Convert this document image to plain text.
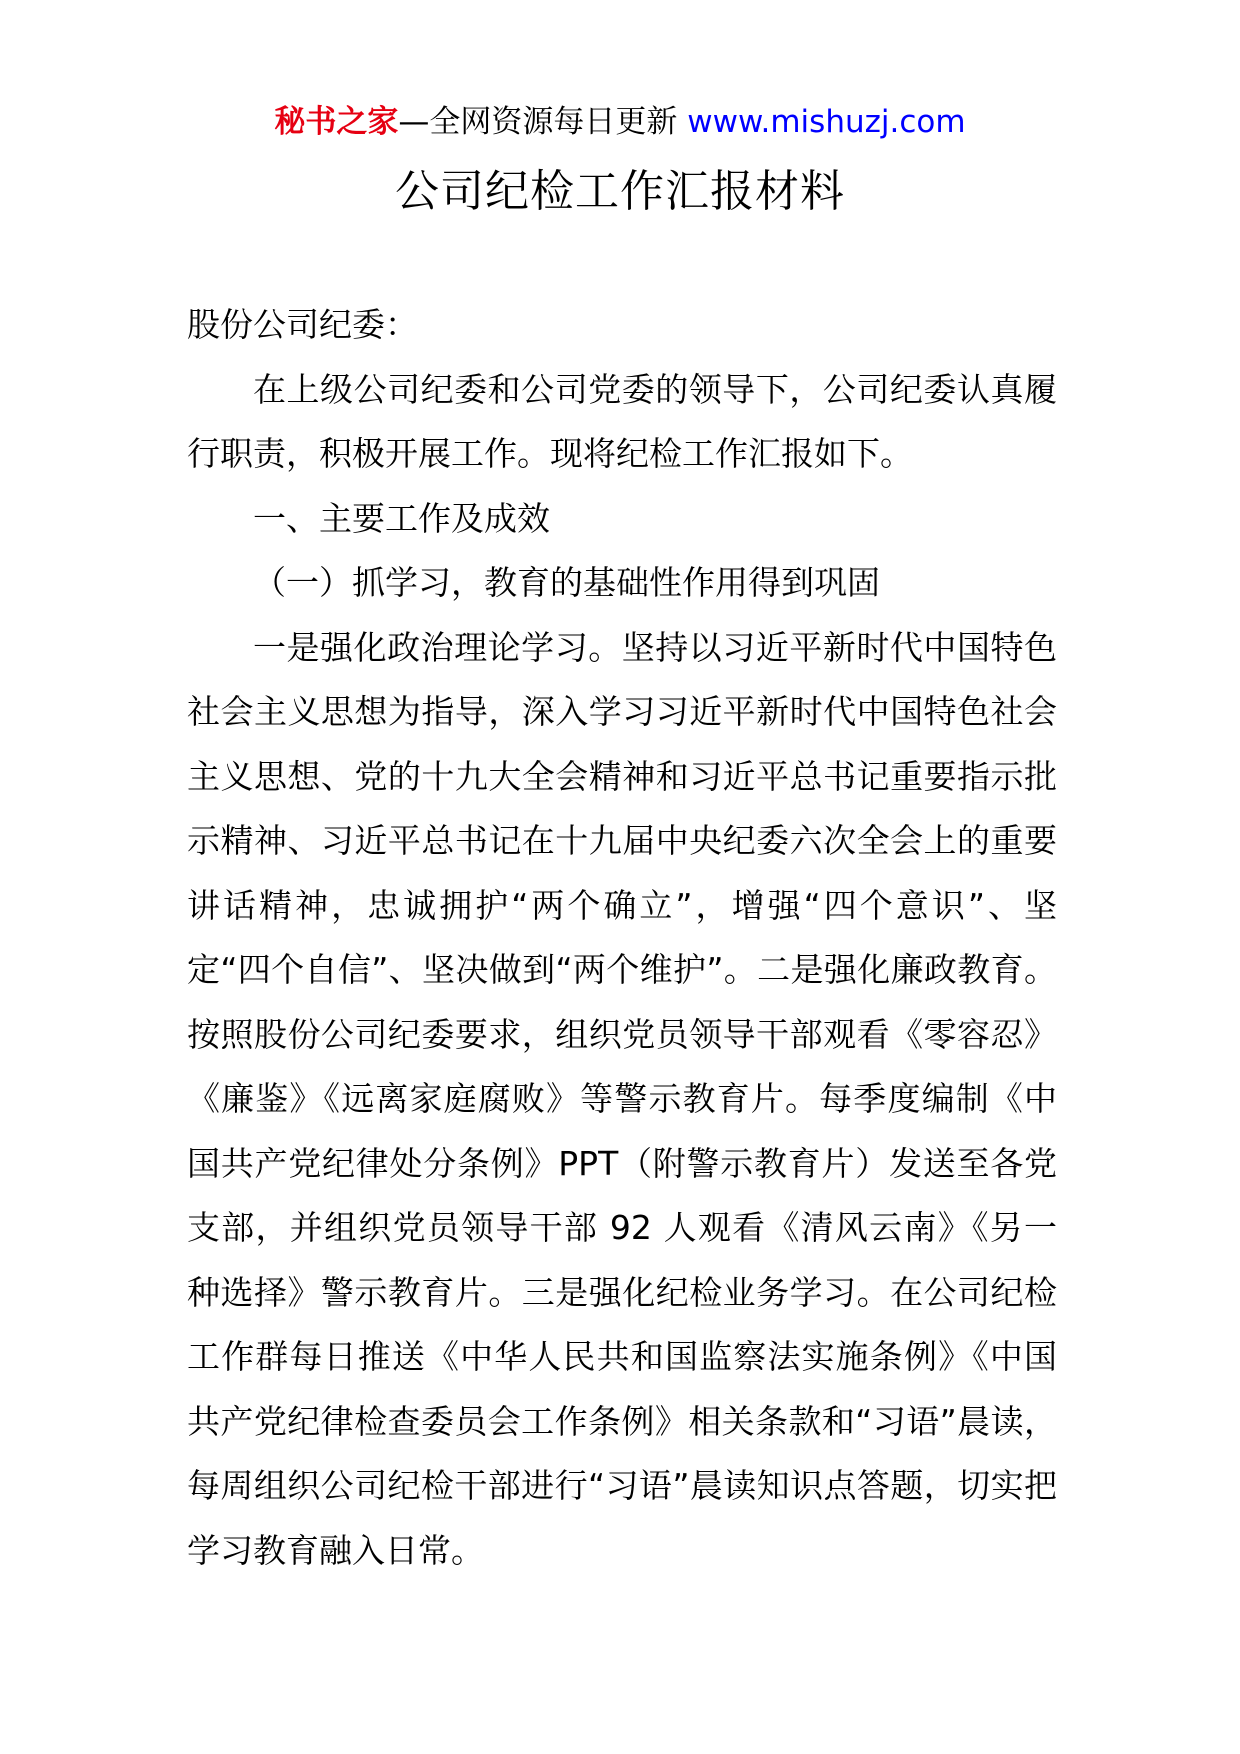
秘书之家—全网资源每日更新 www.mishuzj.com
公司纪检工作汇报材料

股份公司纪委：

在上级公司纪委和公司党委的领导下，公司纪委认真履行职责，积极开展工作。现将纪检工作汇报如下。

一、主要工作及成效

（一）抓学习，教育的基础性作用得到巩固

一是强化政治理论学习。坚持以习近平新时代中国特色社会主义思想为指导，深入学习习近平新时代中国特色社会主义思想、党的十九大全会精神和习近平总书记重要指示批示精神、习近平总书记在十九届中央纪委六次全会上的重要讲话精神，忠诚拥护“两个确立”，增强“四个意识”、坚定“四个自信”、坚决做到“两个维护”。二是强化廉政教育。按照股份公司纪委要求，组织党员领导干部观看《零容忍》《廉鉴》《远离家庭腐败》等警示教育片。每季度编制《中国共产党纪律处分条例》PPT（附警示教育片）发送至各党支部，并组织党员领导干部 92 人观看《清风云南》《另一种选择》警示教育片。三是强化纪检业务学习。在公司纪检工作群每日推送《中华人民共和国监察法实施条例》《中国共产党纪律检查委员会工作条例》相关条款和“习语”晨读，每周组织公司纪检干部进行“习语”晨读知识点答题，切实把学习教育融入日常。
